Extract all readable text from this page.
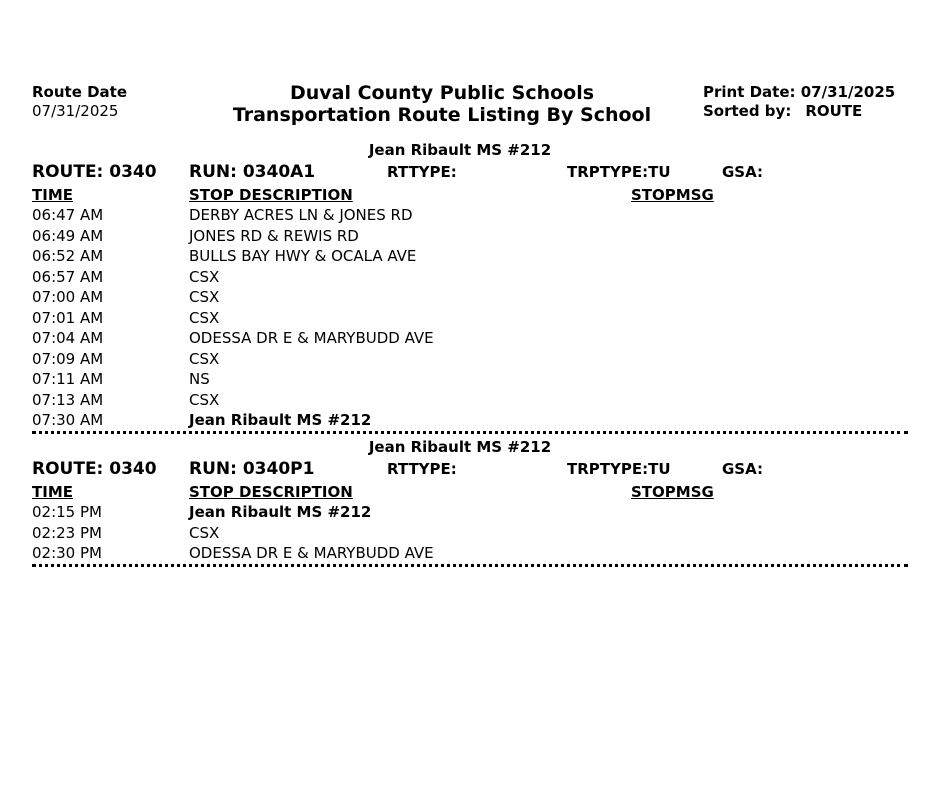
Route Date
07/31/2025
Duval County Public Schools
Transportation Route Listing By School
Print Date: 07/31/2025
Sorted by: ROUTE
Jean Ribault MS #212
ROUTE: 0340 RUN: 0340A1	RTTYPE:	TRPTYPE:TU	GSA:
TIME	STOP DESCRIPTION	STOPMSG
06:47 AM	DERBY ACRES LN & JONES RD
06:49 AM	JONES RD & REWIS RD
06:52 AM	BULLS BAY HWY & OCALA AVE
06:57 AM	CSX
07:00 AM	CSX
07:01 AM	CSX
07:04 AM	ODESSA DR E & MARYBUDD AVE
07:09 AM	CSX
07:11 AM	NS
07:13 AM	CSX
07:30 AM	Jean Ribault MS #212
Jean Ribault MS #212
ROUTE: 0340 RUN: 0340P1	RTTYPE:	TRPTYPE:TU	GSA:
TIME	STOP DESCRIPTION	STOPMSG
02:15 PM	Jean Ribault MS #212
02:23 PM	CSX
02:30 PM	ODESSA DR E & MARYBUDD AVE
